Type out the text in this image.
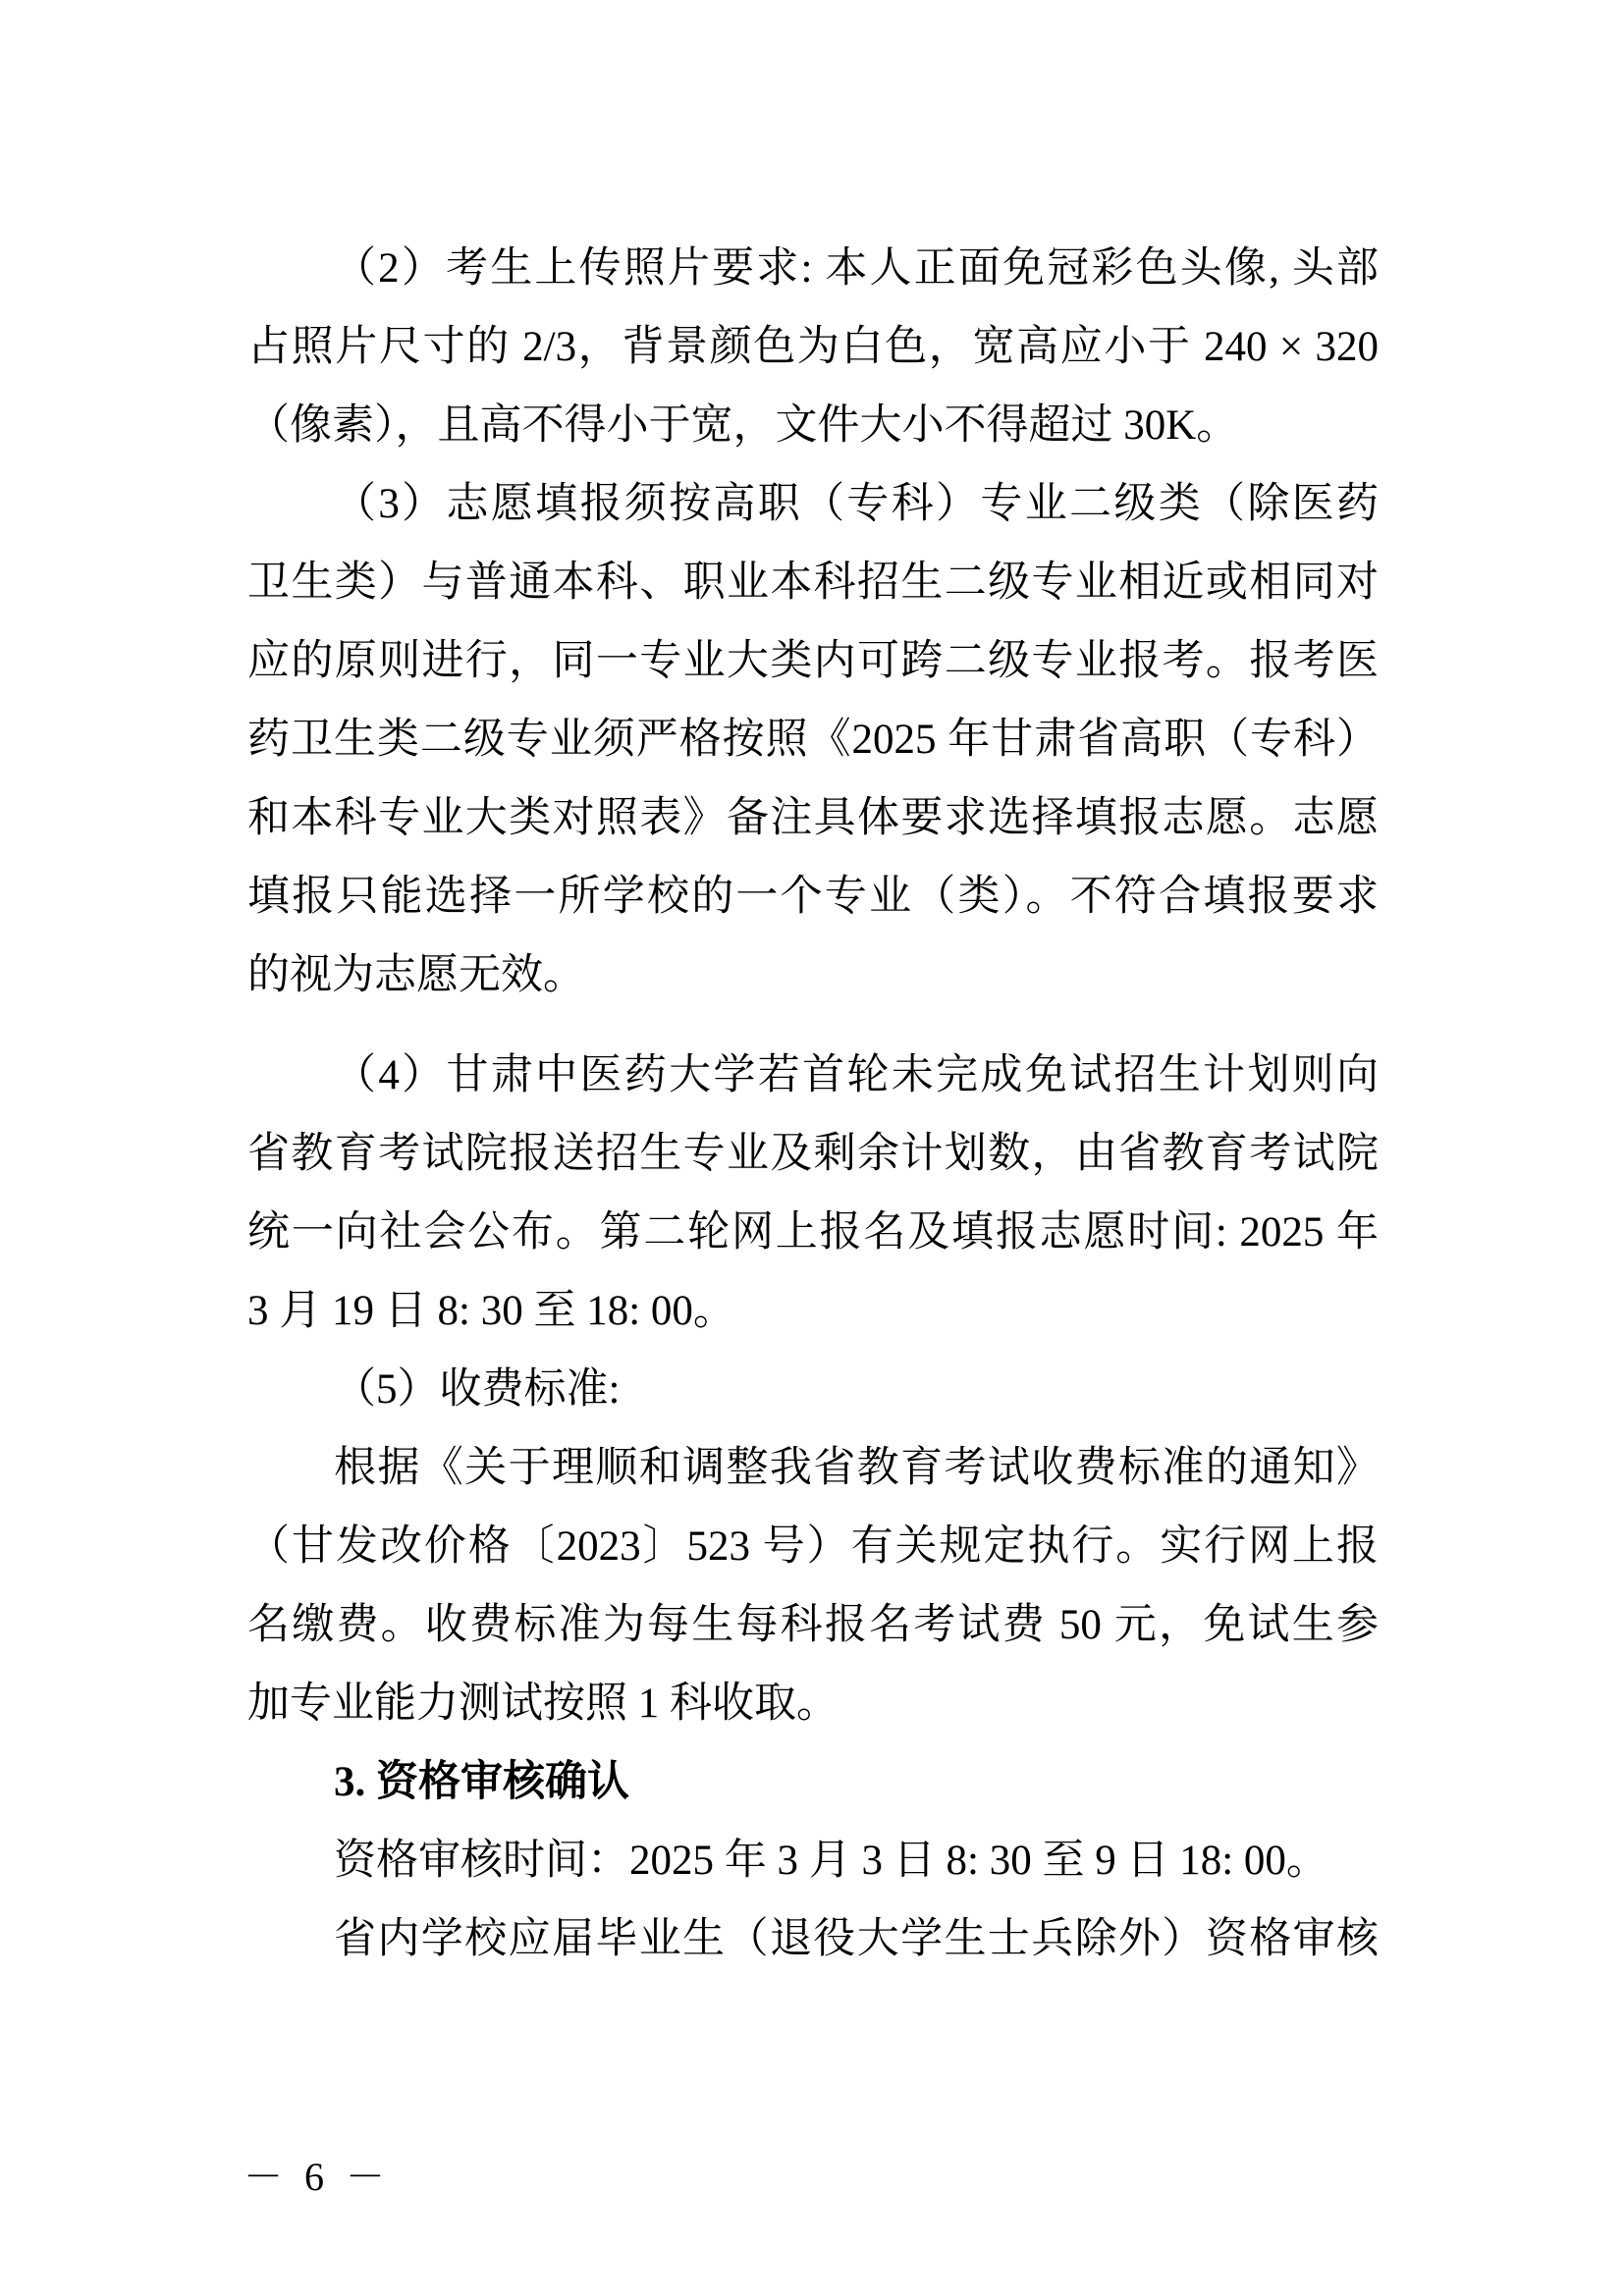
（2）考生上传照片要求: 本人正面免冠彩色头像, 头部
占照片尺寸的 2/3，背景颜色为白色，宽高应小于 240 × 320
（像素），且高不得小于宽，文件大小不得超过 30K。
（3）志愿填报须按高职（专科）专业二级类（除医药
卫生类）与普通本科、职业本科招生二级专业相近或相同对
应的原则进行，同一专业大类内可跨二级专业报考。报考医
药卫生类二级专业须严格按照《2025 年甘肃省高职（专科）
和本科专业大类对照表》备注具体要求选择填报志愿。志愿
填报只能选择一所学校的一个专业（类）。不符合填报要求
的视为志愿无效。
（4）甘肃中医药大学若首轮未完成免试招生计划则向
省教育考试院报送招生专业及剩余计划数，由省教育考试院
统一向社会公布。第二轮网上报名及填报志愿时间: 2025 年
3 月 19 日 8: 30 至 18: 00。
（5）收费标准:
根据《关于理顺和调整我省教育考试收费标准的通知》
（甘发改价格〔2023〕523 号）有关规定执行。实行网上报
名缴费。收费标准为每生每科报名考试费 50 元，免试生参
加专业能力测试按照 1 科收取。
3. 资格审核确认
资格审核时间：2025 年 3 月 3 日 8: 30 至 9 日 18: 00。
省内学校应届毕业生（退役大学生士兵除外）资格审核
－ 6 －
